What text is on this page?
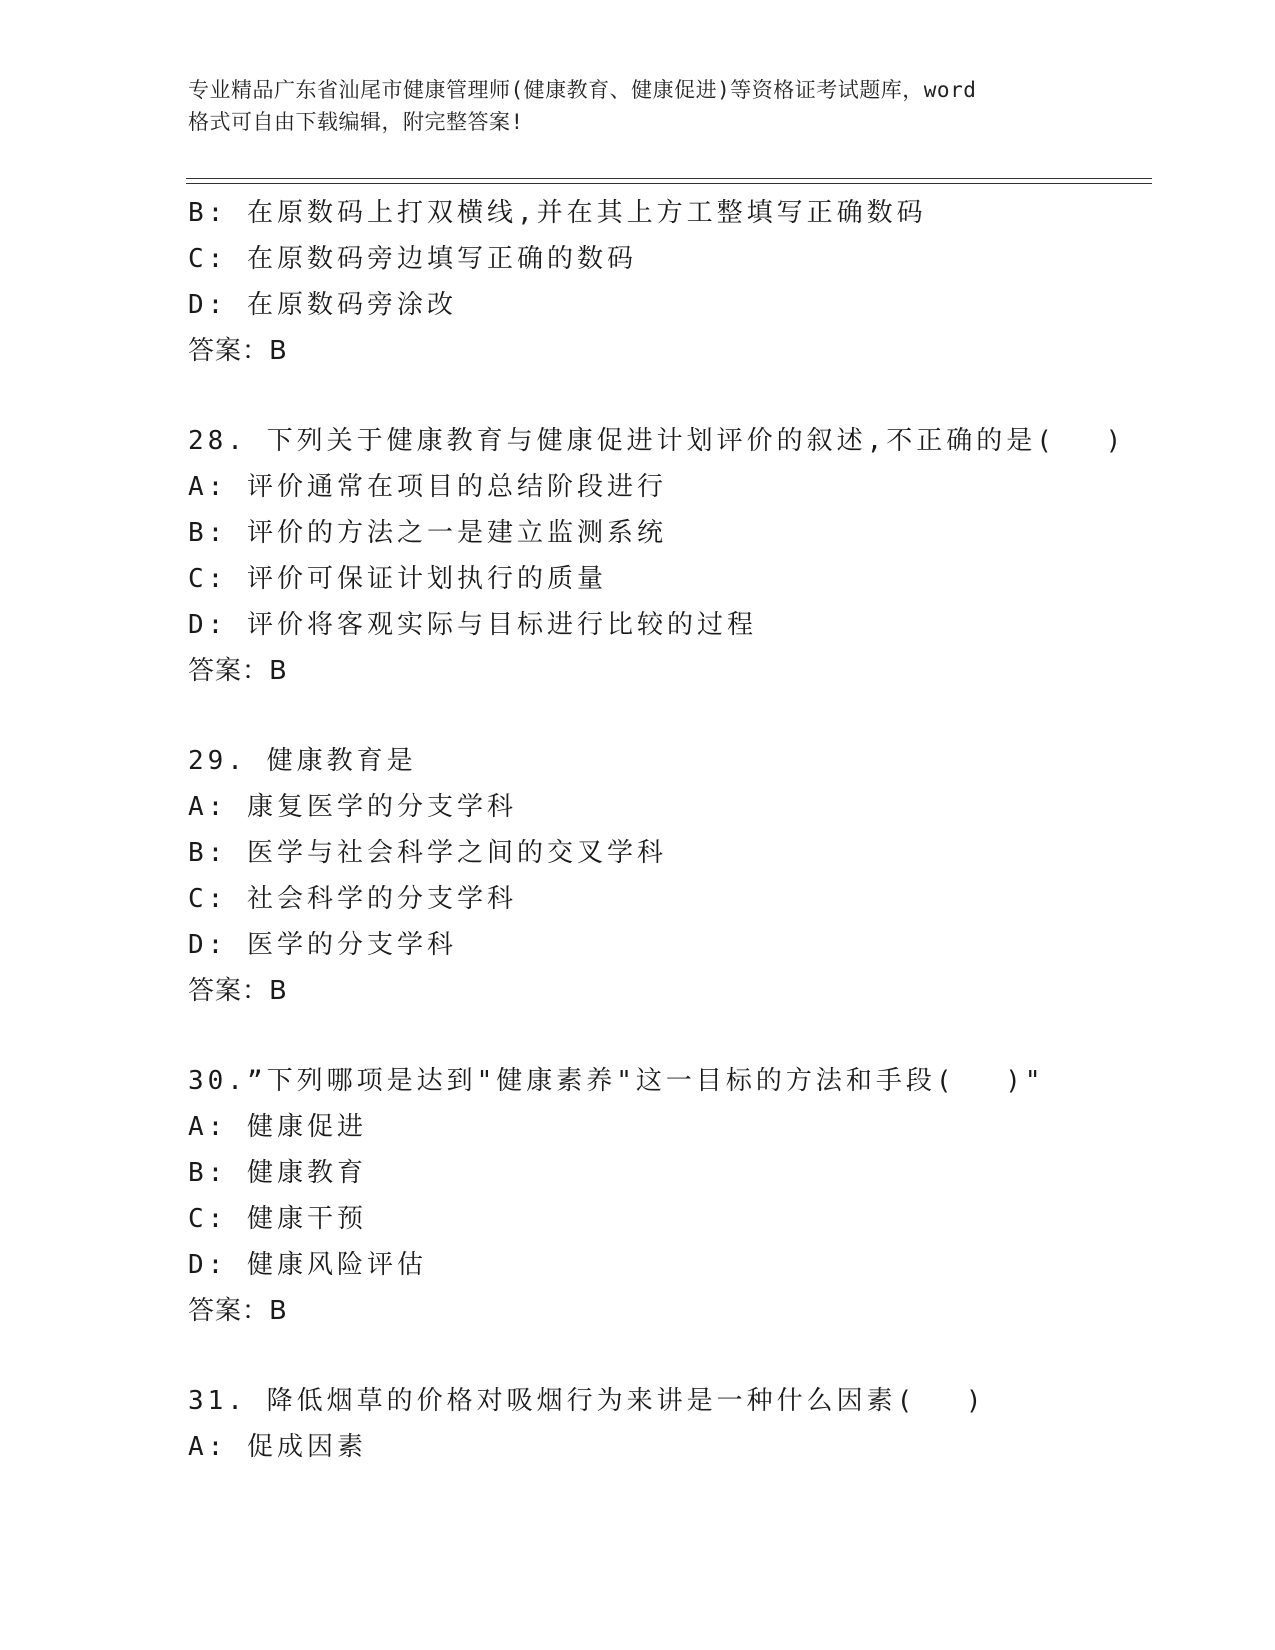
专业精品广东省汕尾市健康管理师(健康教育、健康促进)等资格证考试题库，word
格式可自由下载编辑，附完整答案!
B: 在原数码上打双横线,并在其上方工整填写正确数码
C: 在原数码旁边填写正确的数码
D: 在原数码旁涂改
答案：B
28. 下列关于健康教育与健康促进计划评价的叙述,不正确的是(　 )
A: 评价通常在项目的总结阶段进行
B: 评价的方法之一是建立监测系统
C: 评价可保证计划执行的质量
D: 评价将客观实际与目标进行比较的过程
答案：B
29. 健康教育是
A: 康复医学的分支学科
B: 医学与社会科学之间的交叉学科
C: 社会科学的分支学科
D: 医学的分支学科
答案：B
30.”下列哪项是达到"健康素养"这一目标的方法和手段(　 )"
A: 健康促进
B: 健康教育
C: 健康干预
D: 健康风险评估
答案：B
31. 降低烟草的价格对吸烟行为来讲是一种什么因素(　 )
A: 促成因素
